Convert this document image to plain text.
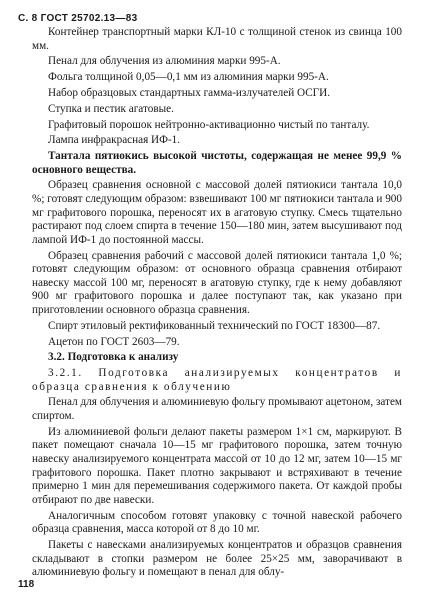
С. 8 ГОСТ 25702.13—83

Контейнер транспортный марки КЛ-10 с толщиной стенок из свинца 100 мм.

Пенал для облучения из алюминия марки 995-А.

Фольга толщиной 0,05—0,1 мм из алюминия марки 995-А.

Набор образцовых стандартных гамма-излучателей ОСГИ.

Ступка и пестик агатовые.

Графитовый порошок нейтронно-активационно чистый по танталу.

Лампа инфракрасная ИФ-1.

Тантала пятиокись высокой чистоты, содержащая не менее 99,9 % основного вещества.

Образец сравнения основной с массовой долей пятиокиси тантала 10,0 %; готовят следующим образом: взвешивают 100 мг пятиокиси тантала и 900 мг графитового порошка, переносят их в агатовую ступку. Смесь тщательно растирают под слоем спирта в течение 150—180 мин, затем высушивают под лампой ИФ-1 до постоянной массы.

Образец сравнения рабочий с массовой долей пятиокиси тантала 1,0 %; готовят следующим образом: от основного образца сравнения отбирают навеску массой 100 мг, переносят в агатовую ступку, где к нему добавляют 900 мг графитового порошка и далее поступают так, как указано при приготовлении основного образца сравнения.

Спирт этиловый ректификованный технический по ГОСТ 18300—87.

Ацетон по ГОСТ 2603—79.

3.2. Подготовка к анализу

3.2.1. Подготовка анализируемых концентратов и образца сравнения к облучению

Пенал для облучения и алюминиевую фольгу промывают ацетоном, затем спиртом.

Из алюминиевой фольги делают пакеты размером 1×1 см, маркируют. В пакет помещают сначала 10—15 мг графитового порошка, затем точную навеску анализируемого концентрата массой от 10 до 12 мг, затем 10—15 мг графитового порошка. Пакет плотно закрывают и встряхивают в течение примерно 1 мин для перемешивания содержимого пакета. От каждой пробы отбирают по две навески.

Аналогичным способом готовят упаковку с точной навеской рабочего образца сравнения, масса которой от 8 до 10 мг.

Пакеты с навесками анализируемых концентратов и образцов сравнения складывают в стопки размером не более 25×25 мм, заворачивают в алюминиевую фольгу и помещают в пенал для облу-

118
